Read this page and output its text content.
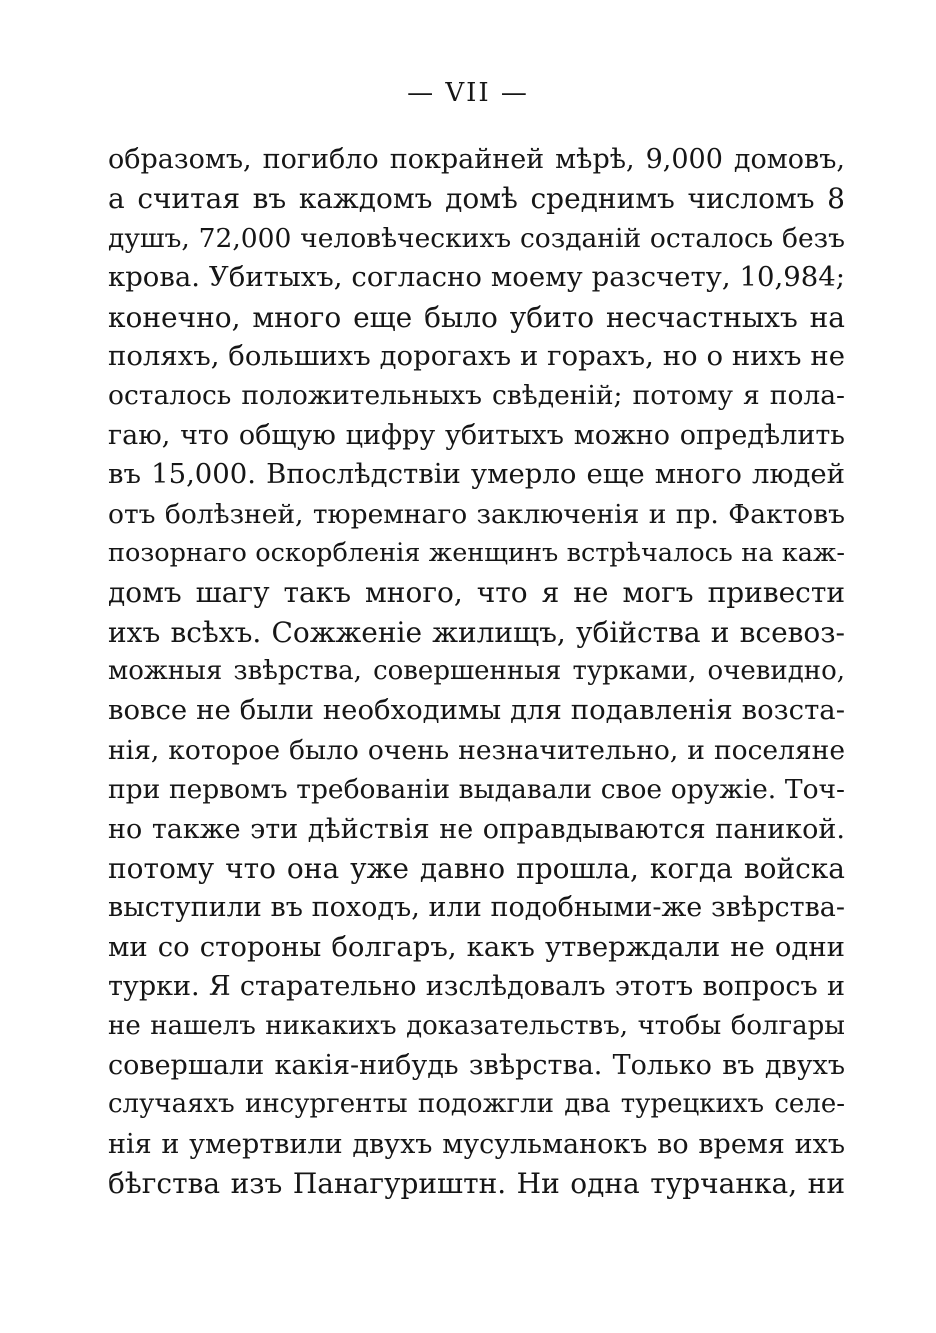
— VII —
образомъ, погибло покрайней мѣрѣ, 9,000 домовъ,
а считая въ каждомъ домѣ среднимъ числомъ 8
душъ, 72,000 человѣческихъ созданій осталось безъ
крова. Убитыхъ, согласно моему разсчету, 10,984;
конечно, много еще было убито несчастныхъ на
поляхъ, большихъ дорогахъ и горахъ, но о нихъ не
осталось положительныхъ свѣденій; потому я пола-
гаю, что общую цифру убитыхъ можно опредѣлить
въ 15,000. Впослѣдствіи умерло еще много людей
отъ болѣзней, тюремнаго заключенія и пр. Фактовъ
позорнаго оскорбленія женщинъ встрѣчалось на каж-
домъ шагу такъ много, что я не могъ привести
ихъ всѣхъ. Сожженіе жилищъ, убійства и всевоз-
можныя звѣрства, совершенныя турками, очевидно,
вовсе не были необходимы для подавленія возста-
нія, которое было очень незначительно, и поселяне
при первомъ требованіи выдавали свое оружіе. Точ-
но также эти дѣйствія не оправдываются паникой.
потому что она уже давно прошла, когда войска
выступили въ походъ, или подобными-же звѣрства-
ми со стороны болгаръ, какъ утверждали не одни
турки. Я старательно изслѣдовалъ этотъ вопросъ и
не нашелъ никакихъ доказательствъ, чтобы болгары
совершали какія-нибудь звѣрства. Только въ двухъ
случаяхъ инсургенты подожгли два турецкихъ селе-
нія и умертвили двухъ мусульманокъ во время ихъ
бѣгства изъ Панагуриштн. Ни одна турчанка, ни
